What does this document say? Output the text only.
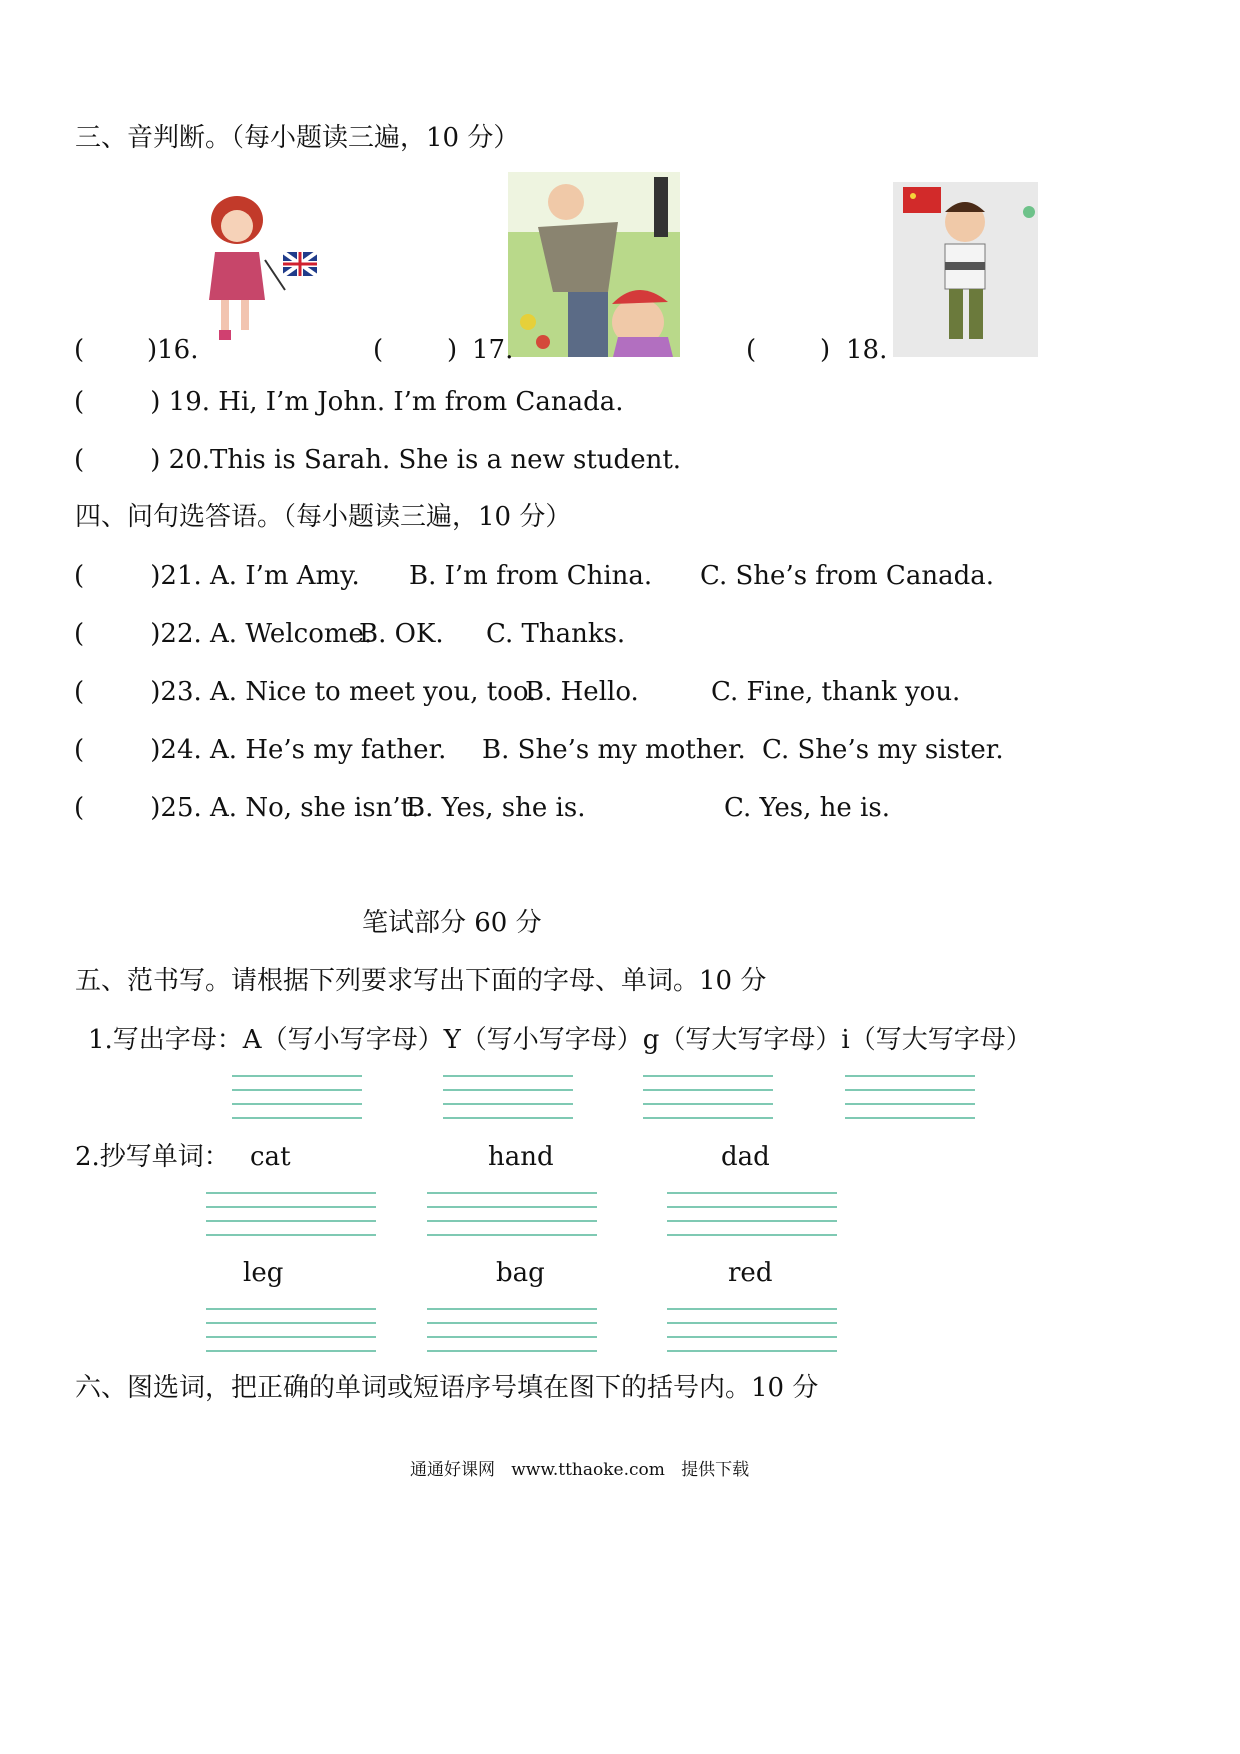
三、音判断。（每小题读三遍，10 分）
( )16.	( ) 17.	( ) 18.
(        ) 19. Hi, I’m John. I’m from Canada.
(        ) 20.This is Sarah. She is a new student.
四、问句选答语。（每小题读三遍，10 分）
(        )21. A. I’m Amy. B. I’m from China. C. She’s from Canada.
(        )22. A. Welcome.
B. OK. C. Thanks.
(        )23. A. Nice to meet you, too.
B. Hello.	C. Fine, thank you.
(        )24. A. He’s my father. B. She’s my mother. C. She’s my sister.
(        )25. A. No, she isn’t.
B. Yes, she is.	C. Yes, he is.
笔试部分 60 分
五、范书写。请根据下列要求写出下面的字母、单词。10 分
1.写出字母：A（写小写字母）Y（写小写字母）g（写大写字母）i（写大写字母）
2.抄写单词： cat	hand	dad
leg	bag	red
六、图选词，把正确的单词或短语序号填在图下的括号内。10 分
通通好课网   www.tthaoke.com   提供下载
